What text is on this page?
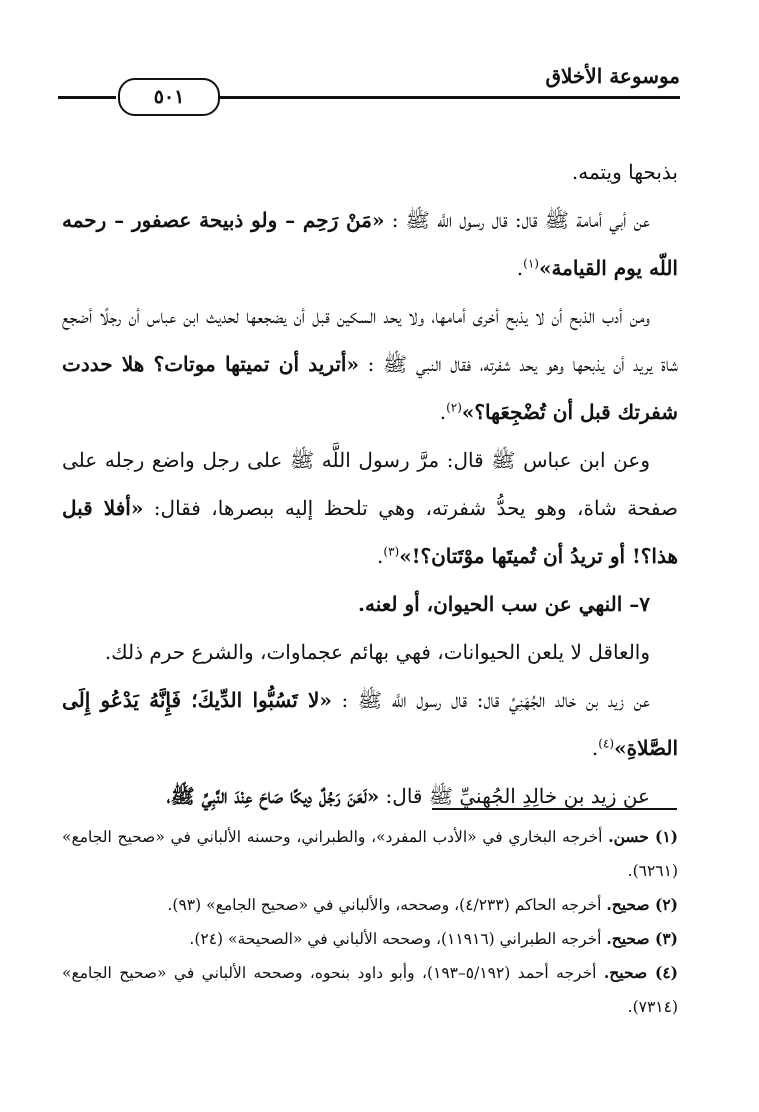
موسوعة الأخلاق
٥٠١

بذبحها ويتمه.

عن أبي أمامة ﷺ قال: قال رسول اللَّه ﷺ : «مَنْ رَحِم – ولو ذبيحة عصفور – رحمه اللّه يوم القيامة»$^{(١)}$.

ومن أدب الذبح أن لا يذبح أخرى أمامها، ولا يحد السكين قبل أن يضجعها لحديث ابن عباس أن رجلًا أضجع شاة يريد أن يذبحها وهو يحد شفرته، فقال النبي ﷺ : «أتريد أن تميتها موتات؟ هلا حددت شفرتك قبل أن تُضْجِعَها؟»$^{(٢)}$.

وعن ابن عباس ﷺ قال: مرَّ رسول اللَّه ﷺ على رجل واضع رجله على صفحة شاة، وهو يحدُّ شفرته، وهي تلحظ إليه ببصرها، فقال: «أفلا قبل هذا؟! أو تريدُ أن تُميتَها موْتَتان؟!»$^{(٣)}$.

٧– النهي عن سب الحيوان، أو لعنه.

والعاقل لا يلعن الحيوانات، فهي بهائم عجماوات، والشرع حرم ذلك.

عن زيد بن خالد الجُهَنِيِّ قال: قال رسول اللَّه ﷺ : «لا تَسُبُّوا الدِّيكَ؛ فَإِنَّهُ يَدْعُو إِلَى الصَّلاةِ»$^{(٤)}$.

عن زيد بن خالِدِ الجُهنيِّ ﷺ قال: «لَعَنَ رَجُلٌ دِيكًا صَاحَ عِنْدَ النَّبِيِّ ﷺ،

(١) حسن. أخرجه البخاري في «الأدب المفرد»، والطبراني، وحسنه الألباني في «صحيح الجامع» (٦٢٦١).

(٢) صحيح. أخرجه الحاكم (٤/٢٣٣)، وصححه، والألباني في «صحيح الجامع» (٩٣).

(٣) صحيح. أخرجه الطبراني (١١٩١٦)، وصححه الألباني في «الصحيحة» (٢٤).

(٤) صحيح. أخرجه أحمد (٥/١٩٢–١٩٣)، وأبو داود بنحوه، وصححه الألباني في «صحيح الجامع» (٧٣١٤).
